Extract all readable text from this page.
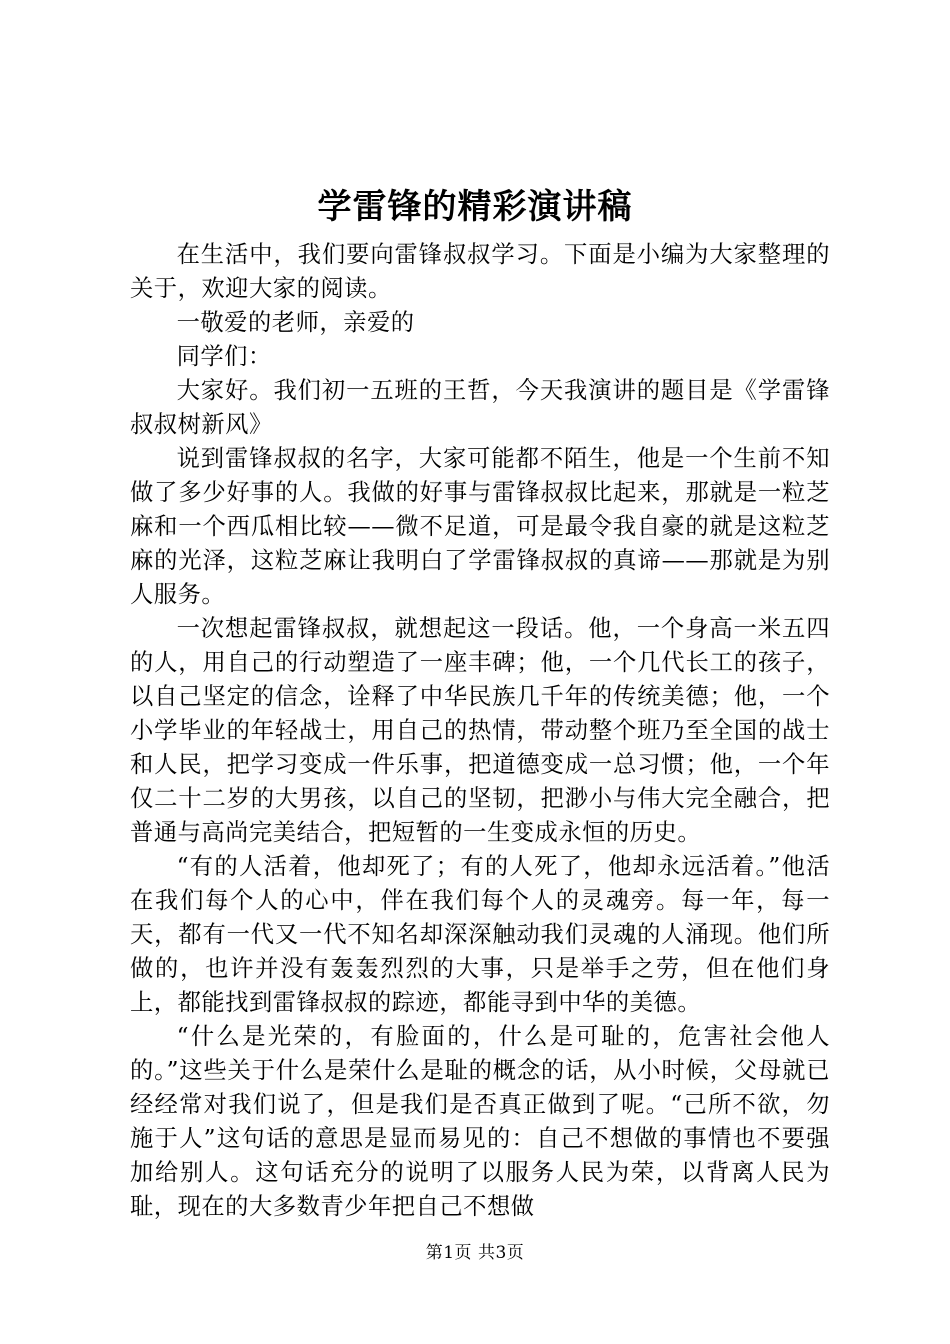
学雷锋的精彩演讲稿

在生活中，我们要向雷锋叔叔学习。下面是小编为大家整理的关于，欢迎大家的阅读。

一敬爱的老师，亲爱的

同学们：

大家好。我们初一五班的王哲，今天我演讲的题目是《学雷锋叔叔树新风》

说到雷锋叔叔的名字，大家可能都不陌生，他是一个生前不知做了多少好事的人。我做的好事与雷锋叔叔比起来，那就是一粒芝麻和一个西瓜相比较——微不足道，可是最令我自豪的就是这粒芝麻的光泽，这粒芝麻让我明白了学雷锋叔叔的真谛——那就是为别人服务。

一次想起雷锋叔叔，就想起这一段话。他，一个身高一米五四的人，用自己的行动塑造了一座丰碑；他，一个几代长工的孩子，以自己坚定的信念，诠释了中华民族几千年的传统美德；他，一个小学毕业的年轻战士，用自己的热情，带动整个班乃至全国的战士和人民，把学习变成一件乐事，把道德变成一总习惯；他，一个年仅二十二岁的大男孩，以自己的坚韧，把渺小与伟大完全融合，把普通与高尚完美结合，把短暂的一生变成永恒的历史。

“有的人活着，他却死了；有的人死了，他却永远活着。”他活在我们每个人的心中，伴在我们每个人的灵魂旁。每一年，每一天，都有一代又一代不知名却深深触动我们灵魂的人涌现。他们所做的，也许并没有轰轰烈烈的大事，只是举手之劳，但在他们身上，都能找到雷锋叔叔的踪迹，都能寻到中华的美德。

“什么是光荣的，有脸面的，什么是可耻的，危害社会他人的。”这些关于什么是荣什么是耻的概念的话，从小时候，父母就已经经常对我们说了，但是我们是否真正做到了呢。“己所不欲，勿施于人”这句话的意思是显而易见的：自己不想做的事情也不要强加给别人。这句话充分的说明了以服务人民为荣，以背离人民为耻，现在的大多数青少年把自己不想做

第1页 共3页
